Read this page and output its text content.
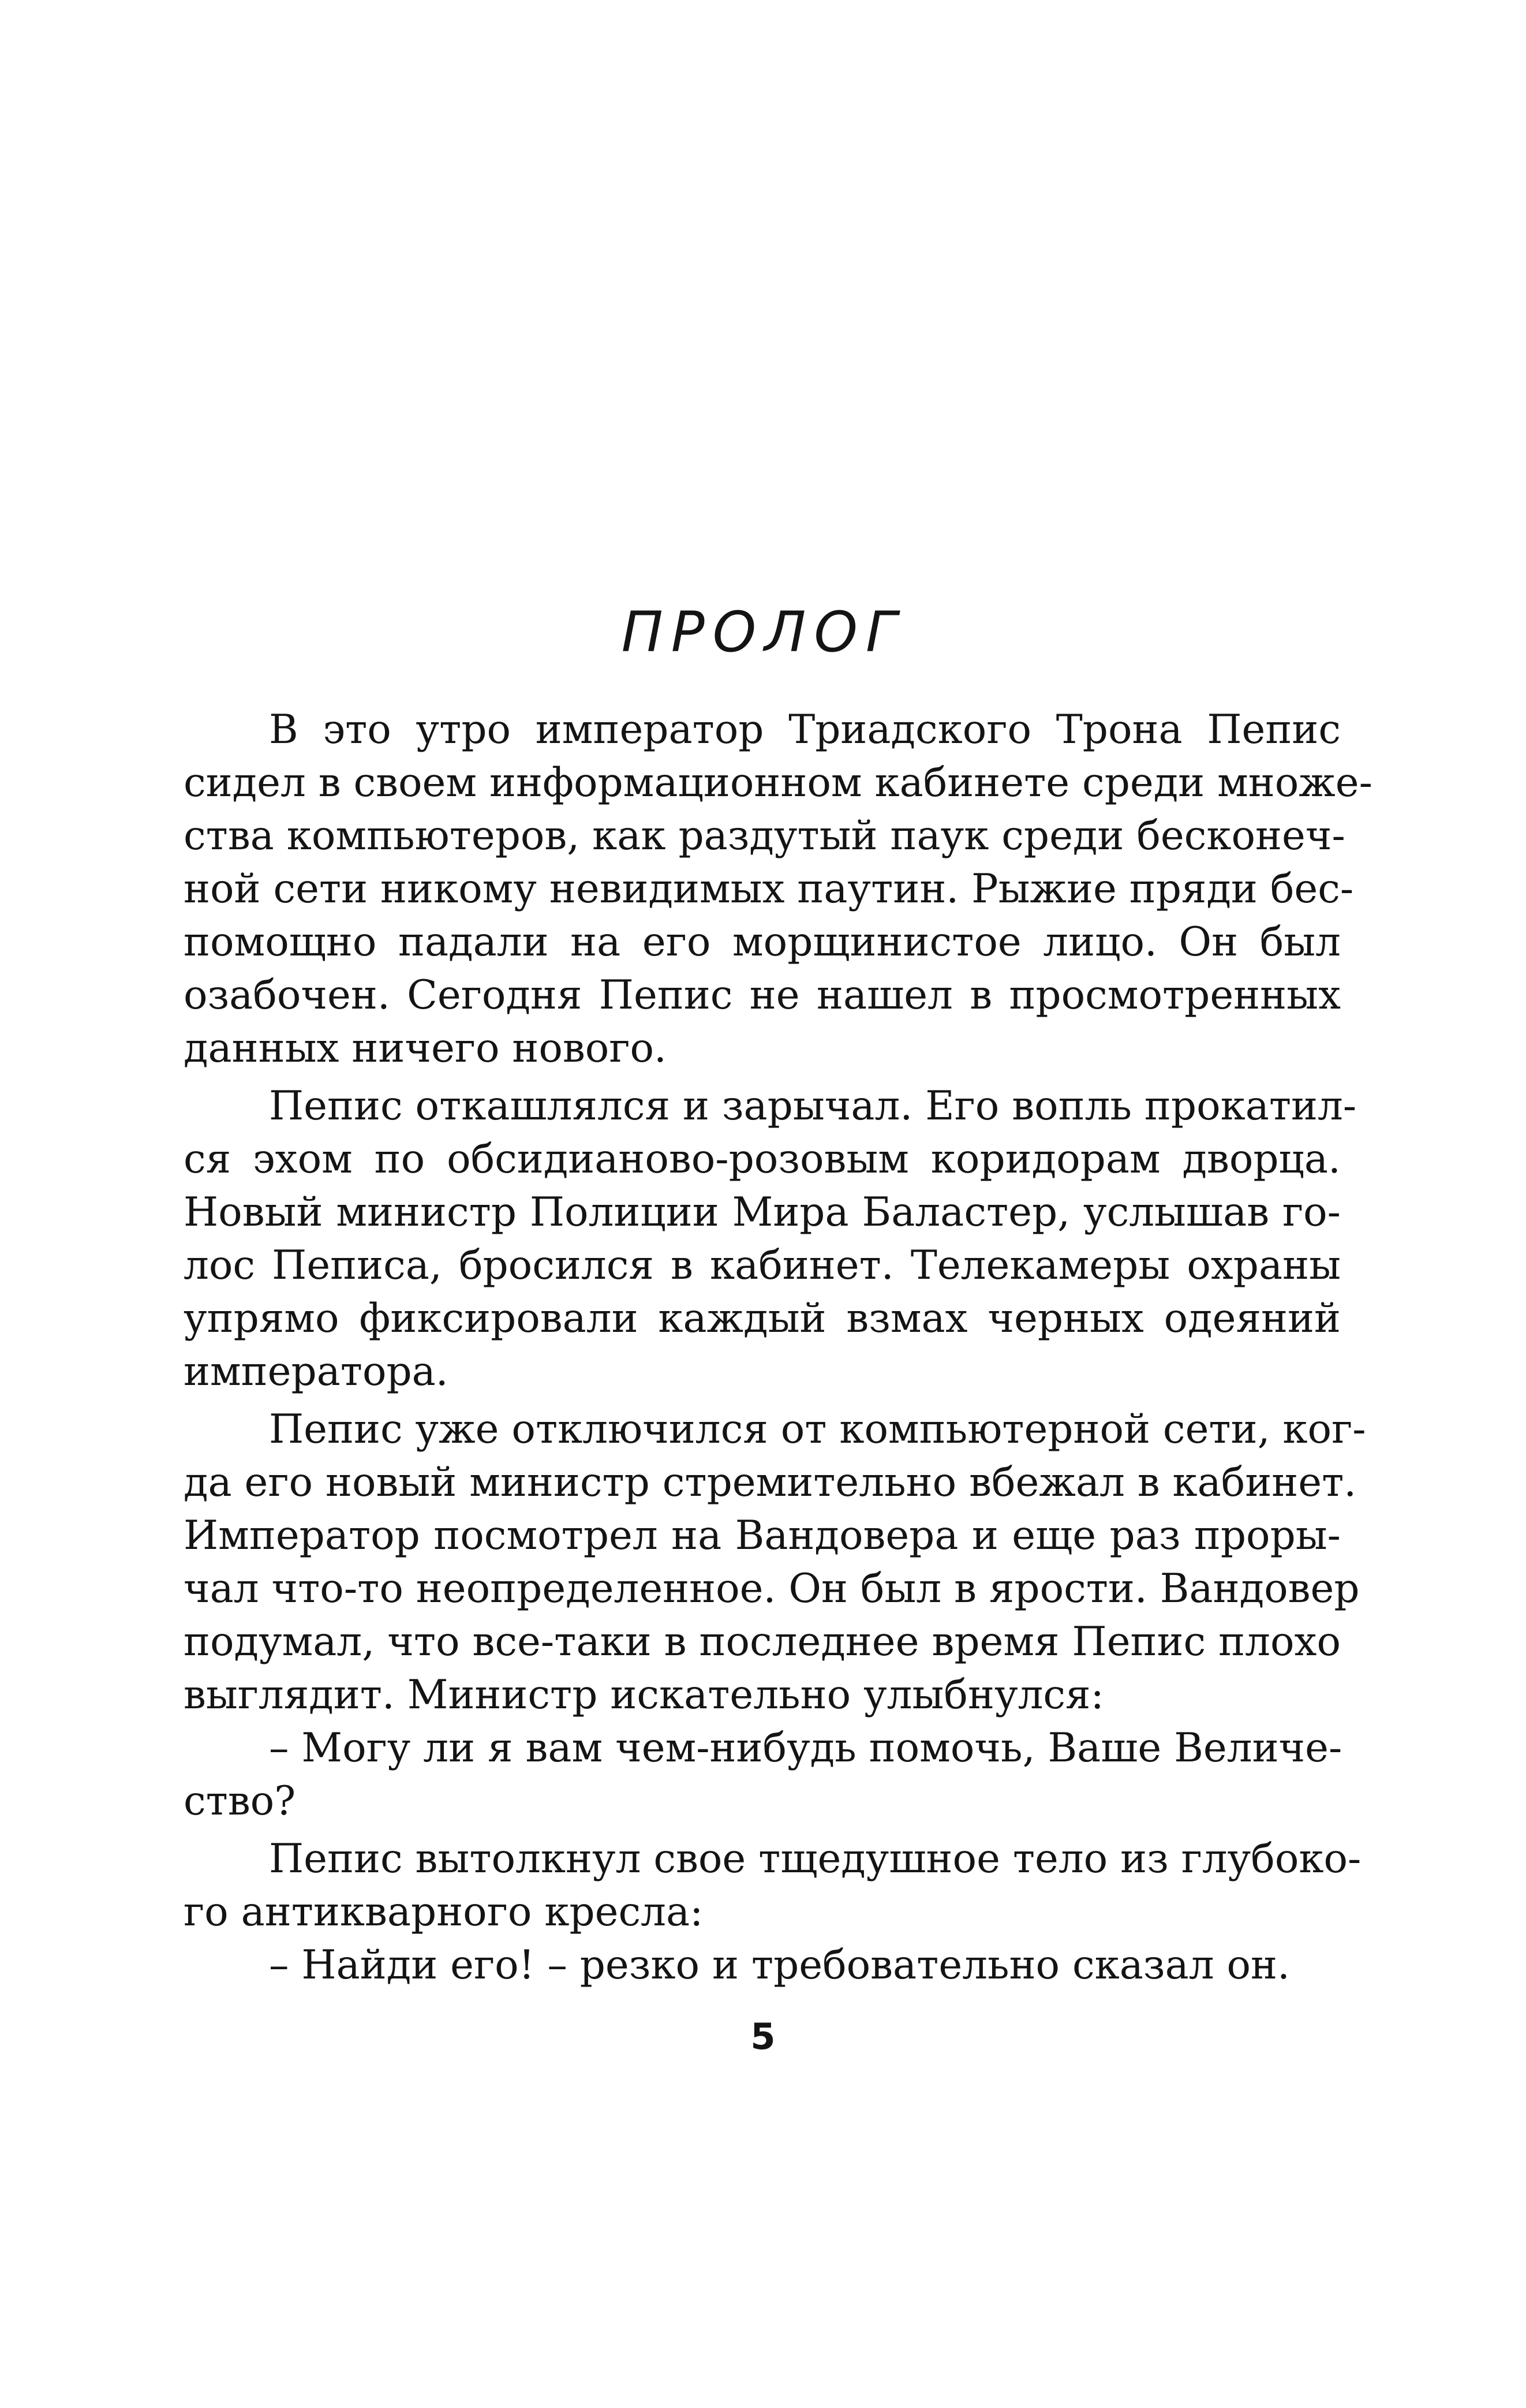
ПРОЛОГ
В это утро император Триадского Трона Пепис
сидел в своем информационном кабинете среди множе-
ства компьютеров, как раздутый паук среди бесконеч-
ной сети никому невидимых паутин. Рыжие пряди бес-
помощно падали на его морщинистое лицо. Он был
озабочен. Сегодня Пепис не нашел в просмотренных
данных ничего нового.
Пепис откашлялся и зарычал. Его вопль прокатил-
ся эхом по обсидианово-розовым коридорам дворца.
Новый министр Полиции Мира Баластер, услышав го-
лос Пеписа, бросился в кабинет. Телекамеры охраны
упрямо фиксировали каждый взмах черных одеяний
императора.
Пепис уже отключился от компьютерной сети, ког-
да его новый министр стремительно вбежал в кабинет.
Император посмотрел на Вандовера и еще раз проры-
чал что-то неопределенное. Он был в ярости. Вандовер
подумал, что все-таки в последнее время Пепис плохо
выглядит. Министр искательно улыбнулся:
– Могу ли я вам чем-нибудь помочь, Ваше Величе-
ство?
Пепис вытолкнул свое тщедушное тело из глубоко-
го антикварного кресла:
– Найди его! – резко и требовательно сказал он.
5
